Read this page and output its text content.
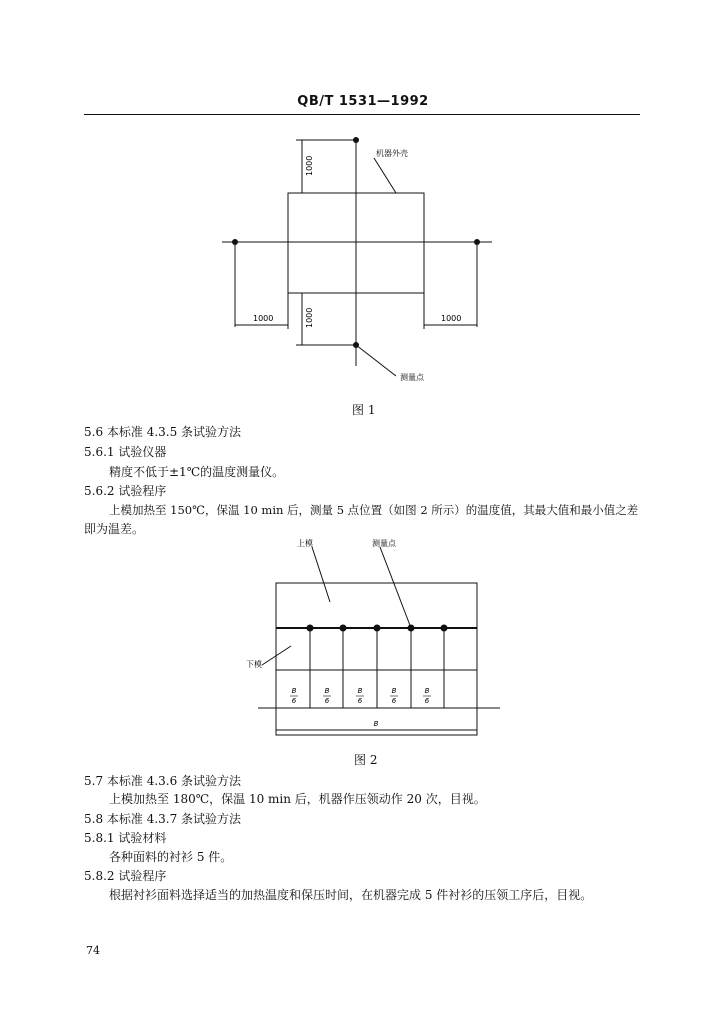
QB/T 1531—1992
机器外壳
测量点
1000
1000
1000	1000
图 1
5.6 本标准 4.3.5 条试验方法
5.6.1 试验仪器
精度不低于±1℃的温度测量仪。
5.6.2 试验程序
上模加热至 150℃，保温 10 min 后，测量 5 点位置（如图 2 所示）的温度值，其最大值和最小值之差
即为温差。
上模	测量点
下模
B
6
B
6
B
6
B
6
B
6
B
图 2
5.7 本标准 4.3.6 条试验方法
上模加热至 180℃，保温 10 min 后，机器作压领动作 20 次，目视。
5.8 本标准 4.3.7 条试验方法
5.8.1 试验材料
各种面料的衬衫 5 件。
5.8.2 试验程序
根据衬衫面料选择适当的加热温度和保压时间，在机器完成 5 件衬衫的压领工序后，目视。
74
